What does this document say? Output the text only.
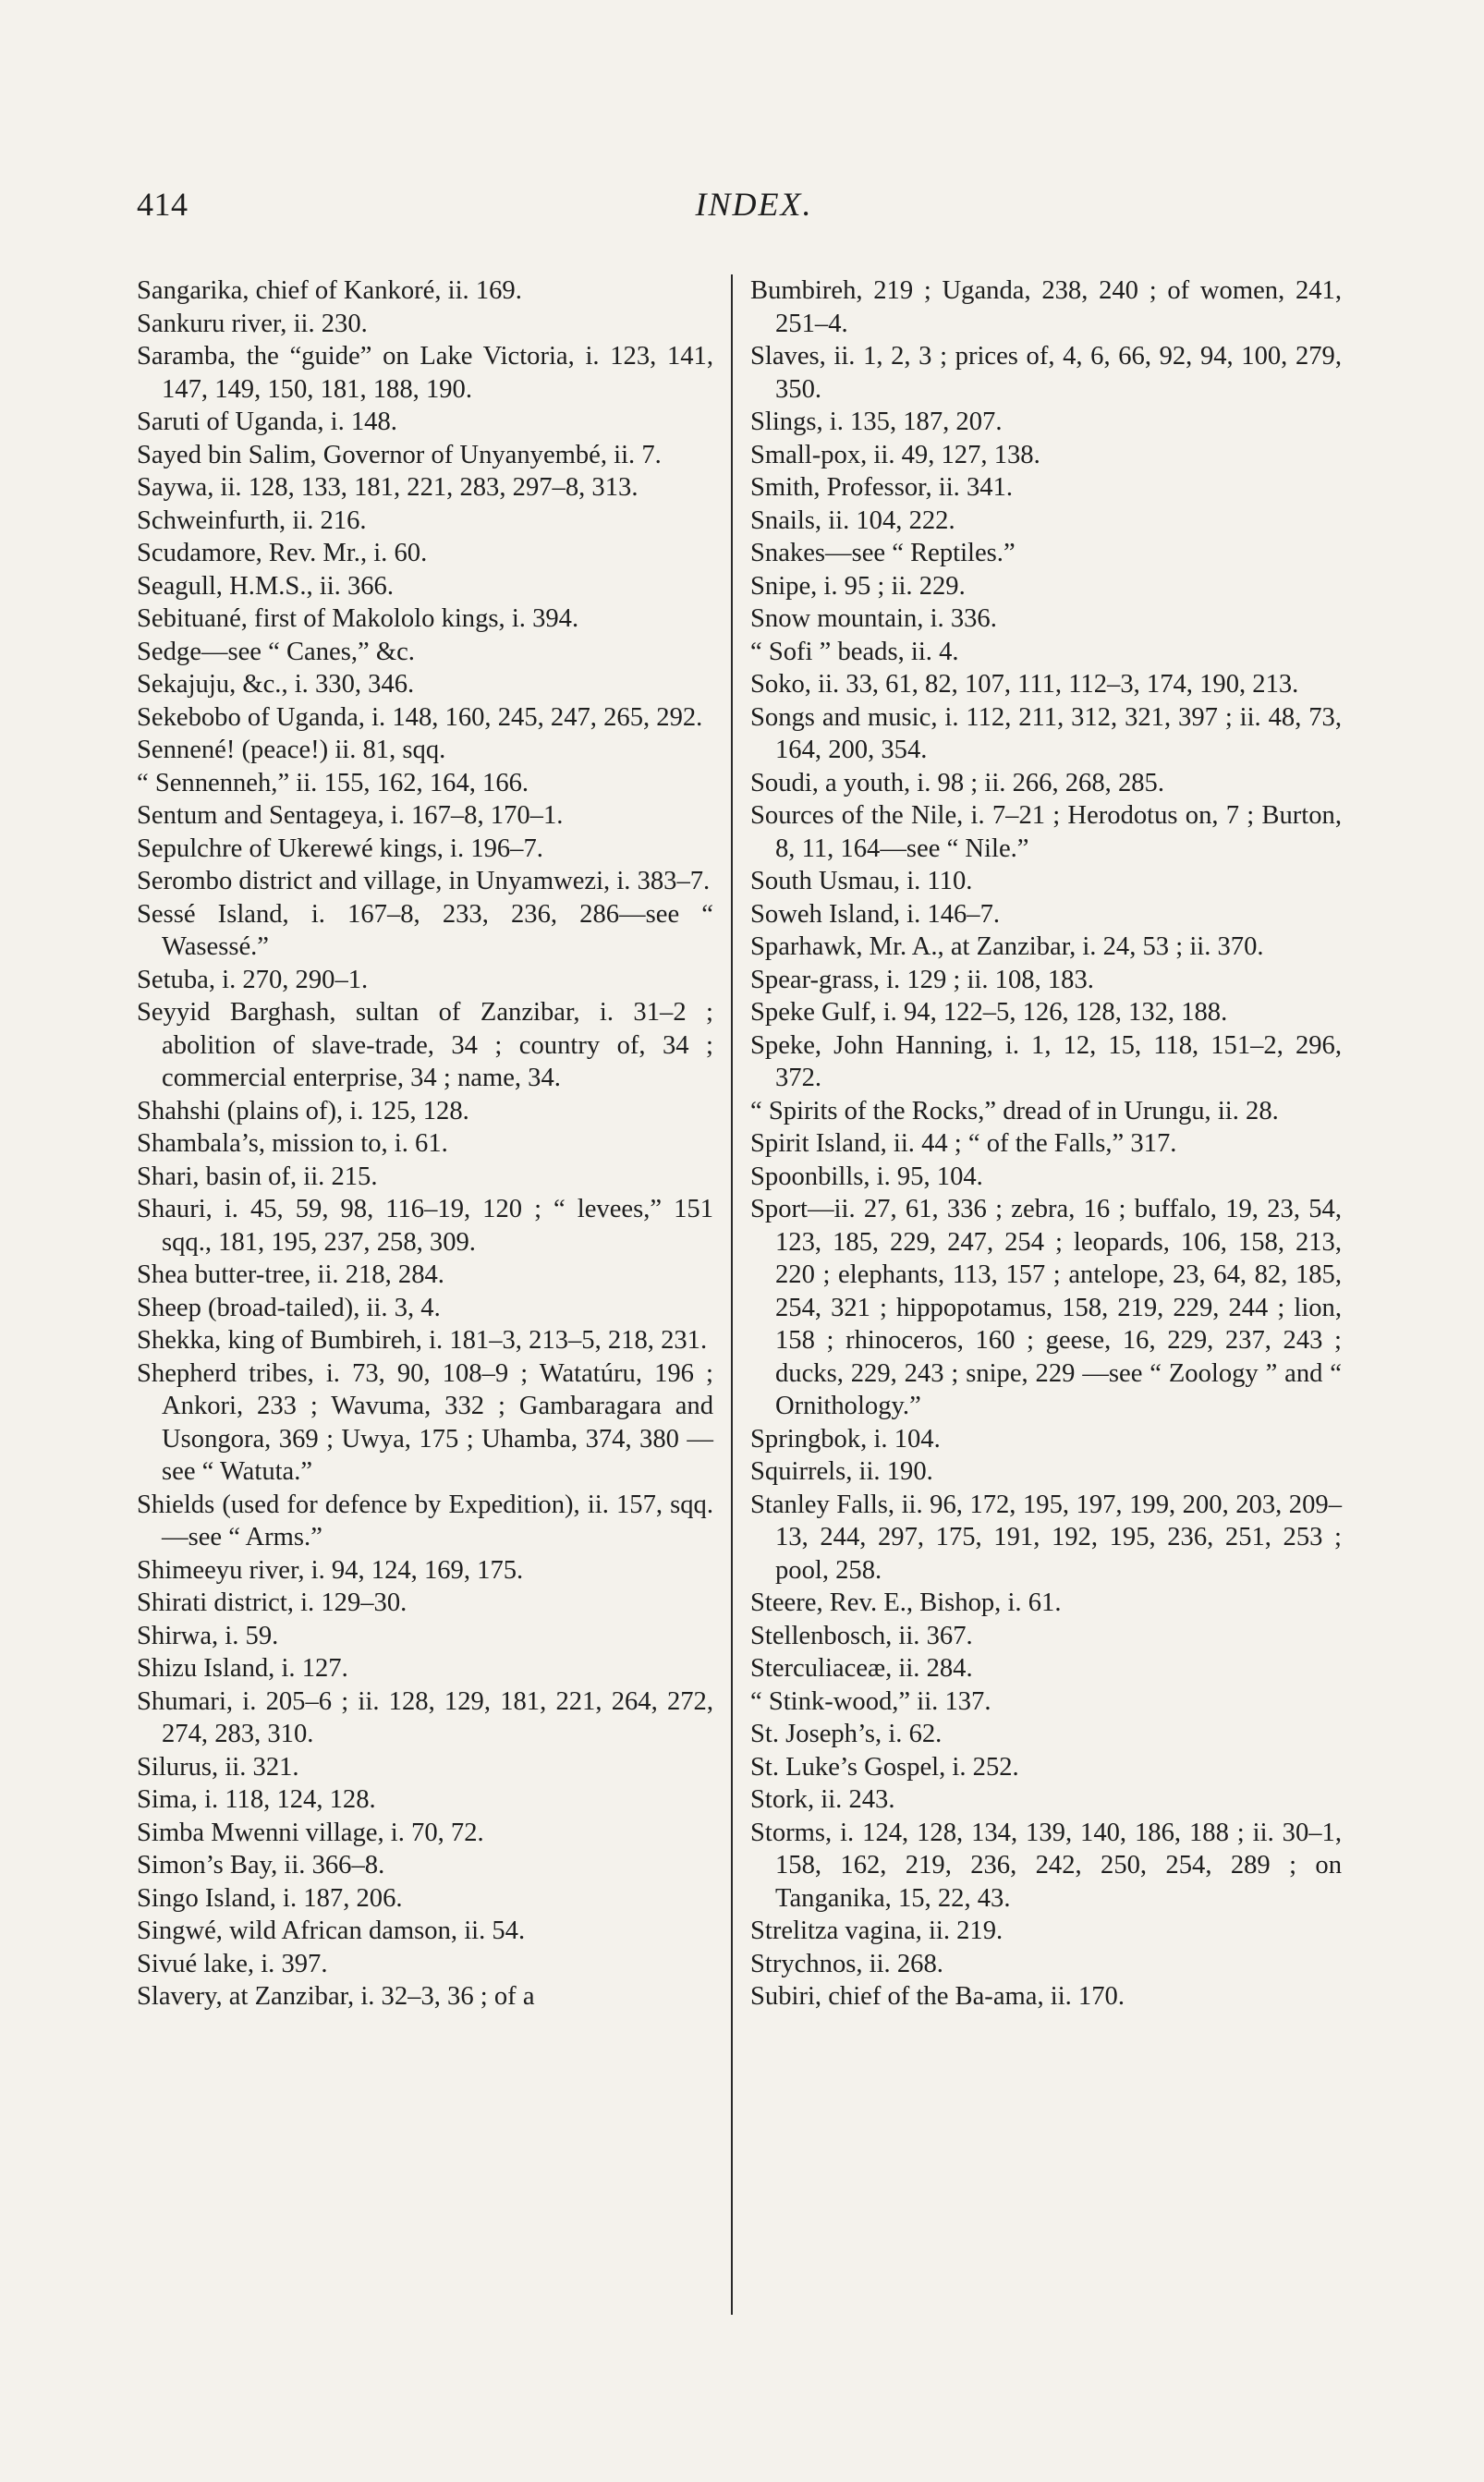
414	INDEX.
Sangarika, chief of Kankoré, ii. 169.
Sankuru river, ii. 230.
Saramba, the “guide” on Lake Victoria, i. 123, 141, 147, 149, 150, 181, 188, 190.
Saruti of Uganda, i. 148.
Sayed bin Salim, Governor of Unyanyembé, ii. 7.
Saywa, ii. 128, 133, 181, 221, 283, 297–8, 313.
Schweinfurth, ii. 216.
Scudamore, Rev. Mr., i. 60.
Seagull, H.M.S., ii. 366.
Sebituané, first of Makololo kings, i. 394.
Sedge—see “ Canes,” &c.
Sekajuju, &c., i. 330, 346.
Sekebobo of Uganda, i. 148, 160, 245, 247, 265, 292.
Sennené! (peace!) ii. 81, sqq.
“ Sennenneh,” ii. 155, 162, 164, 166.
Sentum and Sentageya, i. 167–8, 170–1.
Sepulchre of Ukerewé kings, i. 196–7.
Serombo district and village, in Unyamwezi, i. 383–7.
Sessé Island, i. 167–8, 233, 236, 286—see “ Wasessé.”
Setuba, i. 270, 290–1.
Seyyid Barghash, sultan of Zanzibar, i. 31–2 ; abolition of slave-trade, 34 ; country of, 34 ; commercial enterprise, 34 ; name, 34.
Shahshi (plains of), i. 125, 128.
Shambala’s, mission to, i. 61.
Shari, basin of, ii. 215.
Shauri, i. 45, 59, 98, 116–19, 120 ; “ levees,” 151 sqq., 181, 195, 237, 258, 309.
Shea butter-tree, ii. 218, 284.
Sheep (broad-tailed), ii. 3, 4.
Shekka, king of Bumbireh, i. 181–3, 213–5, 218, 231.
Shepherd tribes, i. 73, 90, 108–9 ; Watatúru, 196 ; Ankori, 233 ; Wavuma, 332 ; Gambaragara and Usongora, 369 ; Uwya, 175 ; Uhamba, 374, 380 —see “ Watuta.”
Shields (used for defence by Expedition), ii. 157, sqq.—see “ Arms.”
Shimeeyu river, i. 94, 124, 169, 175.
Shirati district, i. 129–30.
Shirwa, i. 59.
Shizu Island, i. 127.
Shumari, i. 205–6 ; ii. 128, 129, 181, 221, 264, 272, 274, 283, 310.
Silurus, ii. 321.
Sima, i. 118, 124, 128.
Simba Mwenni village, i. 70, 72.
Simon’s Bay, ii. 366–8.
Singo Island, i. 187, 206.
Singwé, wild African damson, ii. 54.
Sivué lake, i. 397.
Slavery, at Zanzibar, i. 32–3, 36 ; of a
Bumbireh, 219 ; Uganda, 238, 240 ; of women, 241, 251–4.
Slaves, ii. 1, 2, 3 ; prices of, 4, 6, 66, 92, 94, 100, 279, 350.
Slings, i. 135, 187, 207.
Small-pox, ii. 49, 127, 138.
Smith, Professor, ii. 341.
Snails, ii. 104, 222.
Snakes—see “ Reptiles.”
Snipe, i. 95 ; ii. 229.
Snow mountain, i. 336.
“ Sofi ” beads, ii. 4.
Soko, ii. 33, 61, 82, 107, 111, 112–3, 174, 190, 213.
Songs and music, i. 112, 211, 312, 321, 397 ; ii. 48, 73, 164, 200, 354.
Soudi, a youth, i. 98 ; ii. 266, 268, 285.
Sources of the Nile, i. 7–21 ; Herodotus on, 7 ; Burton, 8, 11, 164—see “ Nile.”
South Usmau, i. 110.
Soweh Island, i. 146–7.
Sparhawk, Mr. A., at Zanzibar, i. 24, 53 ; ii. 370.
Spear-grass, i. 129 ; ii. 108, 183.
Speke Gulf, i. 94, 122–5, 126, 128, 132, 188.
Speke, John Hanning, i. 1, 12, 15, 118, 151–2, 296, 372.
“ Spirits of the Rocks,” dread of in Urungu, ii. 28.
Spirit Island, ii. 44 ; “ of the Falls,” 317.
Spoonbills, i. 95, 104.
Sport—ii. 27, 61, 336 ; zebra, 16 ; buffalo, 19, 23, 54, 123, 185, 229, 247, 254 ; leopards, 106, 158, 213, 220 ; elephants, 113, 157 ; antelope, 23, 64, 82, 185, 254, 321 ; hippopotamus, 158, 219, 229, 244 ; lion, 158 ; rhinoceros, 160 ; geese, 16, 229, 237, 243 ; ducks, 229, 243 ; snipe, 229 —see “ Zoology ” and “ Ornithology.”
Springbok, i. 104.
Squirrels, ii. 190.
Stanley Falls, ii. 96, 172, 195, 197, 199, 200, 203, 209–13, 244, 297, 175, 191, 192, 195, 236, 251, 253 ; pool, 258.
Steere, Rev. E., Bishop, i. 61.
Stellenbosch, ii. 367.
Sterculiaceæ, ii. 284.
“ Stink-wood,” ii. 137.
St. Joseph’s, i. 62.
St. Luke’s Gospel, i. 252.
Stork, ii. 243.
Storms, i. 124, 128, 134, 139, 140, 186, 188 ; ii. 30–1, 158, 162, 219, 236, 242, 250, 254, 289 ; on Tanganika, 15, 22, 43.
Strelitza vagina, ii. 219.
Strychnos, ii. 268.
Subiri, chief of the Ba-ama, ii. 170.
